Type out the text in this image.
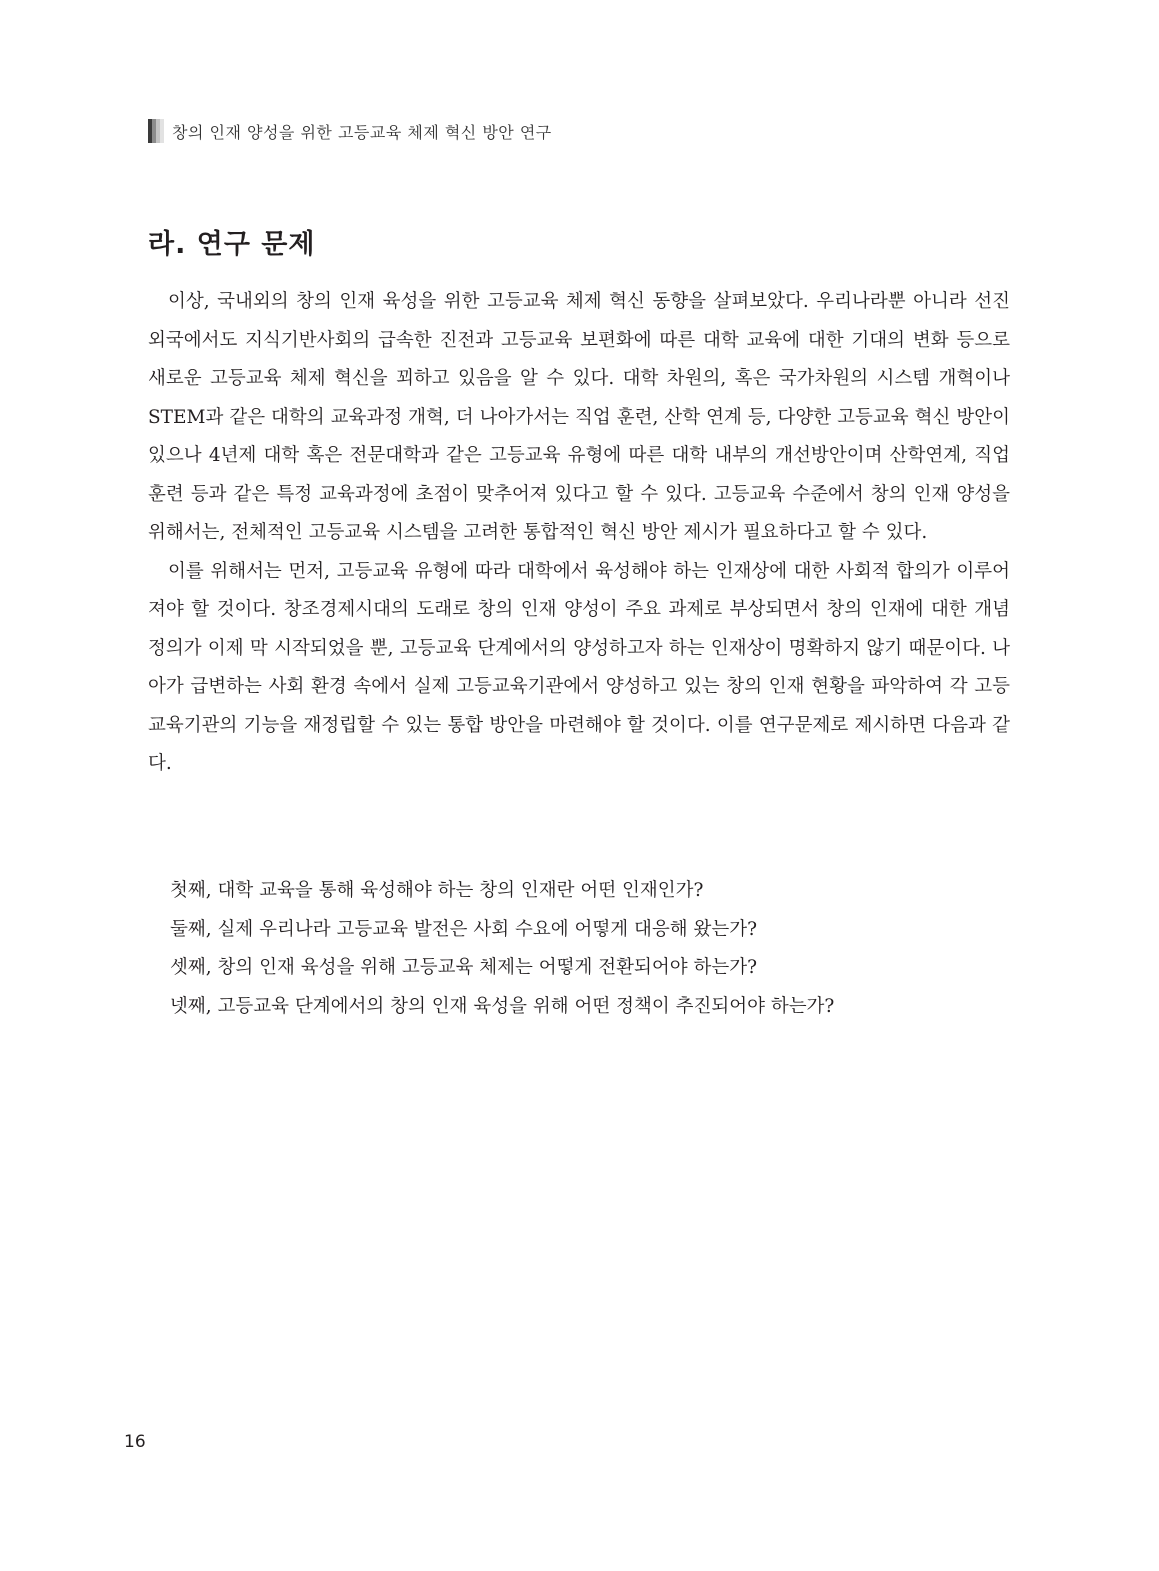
창의 인재 양성을 위한 고등교육 체제 혁신 방안 연구
라. 연구 문제

이상, 국내외의 창의 인재 육성을 위한 고등교육 체제 혁신 동향을 살펴보았다. 우리나라뿐 아니라 선진 외국에서도 지식기반사회의 급속한 진전과 고등교육 보편화에 따른 대학 교육에 대한 기대의 변화 등으로 새로운 고등교육 체제 혁신을 꾀하고 있음을 알 수 있다. 대학 차원의, 혹은 국가차원의 시스템 개혁이나 STEM과 같은 대학의 교육과정 개혁, 더 나아가서는 직업 훈련, 산학 연계 등, 다양한 고등교육 혁신 방안이 있으나 4년제 대학 혹은 전문대학과 같은 고등교육 유형에 따른 대학 내부의 개선방안이며 산학연계, 직업훈련 등과 같은 특정 교육과정에 초점이 맞추어져 있다고 할 수 있다. 고등교육 수준에서 창의 인재 양성을 위해서는, 전체적인 고등교육 시스템을 고려한 통합적인 혁신 방안 제시가 필요하다고 할 수 있다.

이를 위해서는 먼저, 고등교육 유형에 따라 대학에서 육성해야 하는 인재상에 대한 사회적 합의가 이루어져야 할 것이다. 창조경제시대의 도래로 창의 인재 양성이 주요 과제로 부상되면서 창의 인재에 대한 개념 정의가 이제 막 시작되었을 뿐, 고등교육 단계에서의 양성하고자 하는 인재상이 명확하지 않기 때문이다. 나아가 급변하는 사회 환경 속에서 실제 고등교육기관에서 양성하고 있는 창의 인재 현황을 파악하여 각 고등교육기관의 기능을 재정립할 수 있는 통합 방안을 마련해야 할 것이다. 이를 연구문제로 제시하면 다음과 같다.

첫째, 대학 교육을 통해 육성해야 하는 창의 인재란 어떤 인재인가?
둘째, 실제 우리나라 고등교육 발전은 사회 수요에 어떻게 대응해 왔는가?
셋째, 창의 인재 육성을 위해 고등교육 체제는 어떻게 전환되어야 하는가?
넷째, 고등교육 단계에서의 창의 인재 육성을 위해 어떤 정책이 추진되어야 하는가?
16
